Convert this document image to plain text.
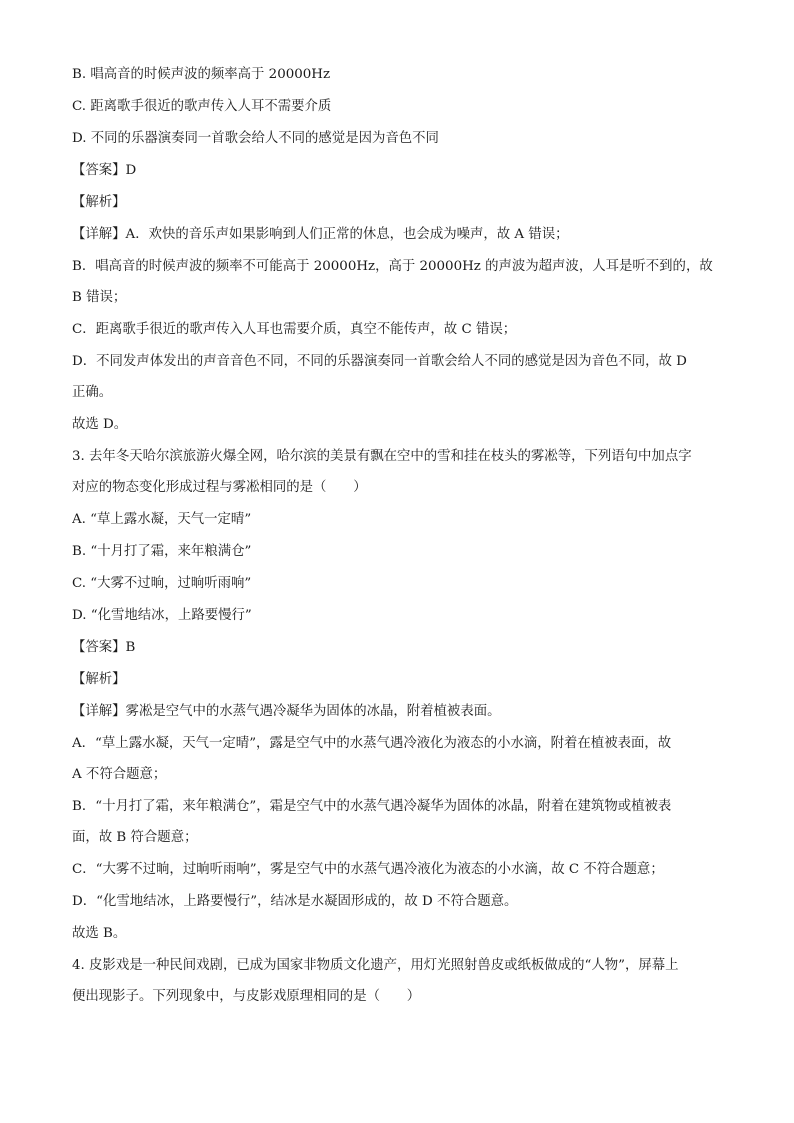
B. 唱高音的时候声波的频率高于 20000Hz
C. 距离歌手很近的歌声传入人耳不需要介质
D. 不同的乐器演奏同一首歌会给人不同的感觉是因为音色不同
【答案】D
【解析】
【详解】A．欢快的音乐声如果影响到人们正常的休息，也会成为噪声，故 A 错误；
B．唱高音的时候声波的频率不可能高于 20000Hz，高于 20000Hz 的声波为超声波，人耳是听不到的，故
B 错误；
C．距离歌手很近的歌声传入人耳也需要介质，真空不能传声，故 C 错误；
D．不同发声体发出的声音音色不同，不同的乐器演奏同一首歌会给人不同的感觉是因为音色不同，故 D
正确。
故选 D。
3. 去年冬天哈尔滨旅游火爆全网，哈尔滨的美景有飘在空中的雪和挂在枝头的雾凇等，下列语句中加点字
对应的物态变化形成过程与雾凇相同的是（　　）
A. “草上露水凝，天气一定晴”
B. “十月打了霜，来年粮满仓”
C. “大雾不过晌，过晌听雨响”
D. “化雪地结冰，上路要慢行”
【答案】B
【解析】
【详解】雾凇是空气中的水蒸气遇冷凝华为固体的冰晶，附着植被表面。
A．“草上露水凝，天气一定晴”，露是空气中的水蒸气遇冷液化为液态的小水滴，附着在植被表面，故
A 不符合题意；
B．“十月打了霜，来年粮满仓”，霜是空气中的水蒸气遇冷凝华为固体的冰晶，附着在建筑物或植被表
面，故 B 符合题意；
C．“大雾不过晌，过晌听雨响”，雾是空气中的水蒸气遇冷液化为液态的小水滴，故 C 不符合题意；
D．“化雪地结冰，上路要慢行”，结冰是水凝固形成的，故 D 不符合题意。
故选 B。
4. 皮影戏是一种民间戏剧，已成为国家非物质文化遗产，用灯光照射兽皮或纸板做成的“人物”，屏幕上
便出现影子。下列现象中，与皮影戏原理相同的是（　　）
